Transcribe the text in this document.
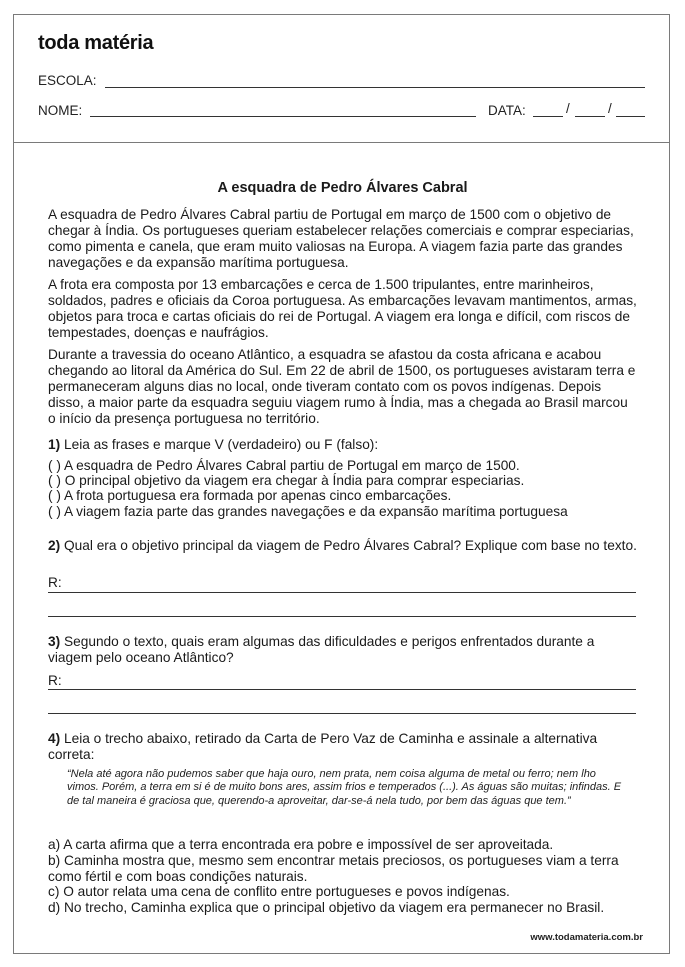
toda matéria
ESCOLA:
NOME:	DATA:	/	/
A esquadra de Pedro Álvares Cabral

A esquadra de Pedro Álvares Cabral partiu de Portugal em março de 1500 com o objetivo de chegar à Índia. Os portugueses queriam estabelecer relações comerciais e comprar especiarias, como pimenta e canela, que eram muito valiosas na Europa. A viagem fazia parte das grandes navegações e da expansão marítima portuguesa.

A frota era composta por 13 embarcações e cerca de 1.500 tripulantes, entre marinheiros, soldados, padres e oficiais da Coroa portuguesa. As embarcações levavam mantimentos, armas, objetos para troca e cartas oficiais do rei de Portugal. A viagem era longa e difícil, com riscos de tempestades, doenças e naufrágios.

Durante a travessia do oceano Atlântico, a esquadra se afastou da costa africana e acabou chegando ao litoral da América do Sul. Em 22 de abril de 1500, os portugueses avistaram terra e permaneceram alguns dias no local, onde tiveram contato com os povos indígenas. Depois disso, a maior parte da esquadra seguiu viagem rumo à Índia, mas a chegada ao Brasil marcou o início da presença portuguesa no território.

1) Leia as frases e marque V (verdadeiro) ou F (falso):

( ) A esquadra de Pedro Álvares Cabral partiu de Portugal em março de 1500.

( ) O principal objetivo da viagem era chegar à Índia para comprar especiarias.

( ) A frota portuguesa era formada por apenas cinco embarcações.

( ) A viagem fazia parte das grandes navegações e da expansão marítima portuguesa

2) Qual era o objetivo principal da viagem de Pedro Álvares Cabral? Explique com base no texto.

R:

3) Segundo o texto, quais eram algumas das dificuldades e perigos enfrentados durante a viagem pelo oceano Atlântico?

R:

4) Leia o trecho abaixo, retirado da Carta de Pero Vaz de Caminha e assinale a alternativa correta:

“Nela até agora não pudemos saber que haja ouro, nem prata, nem coisa alguma de metal ou ferro; nem lho vimos. Porém, a terra em si é de muito bons ares, assim frios e temperados (...). As águas são muitas; infindas. E de tal maneira é graciosa que, querendo-a aproveitar, dar-se-á nela tudo, por bem das águas que tem.”

a) A carta afirma que a terra encontrada era pobre e impossível de ser aproveitada.

b) Caminha mostra que, mesmo sem encontrar metais preciosos, os portugueses viam a terra como fértil e com boas condições naturais.

c) O autor relata uma cena de conflito entre portugueses e povos indígenas.

d) No trecho, Caminha explica que o principal objetivo da viagem era permanecer no Brasil.

www.todamateria.com.br
